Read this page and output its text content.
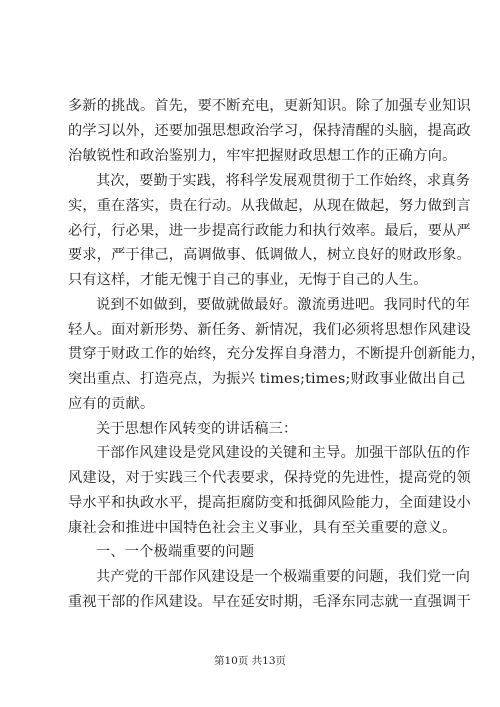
多新的挑战。首先，要不断充电，更新知识。除了加强专业知识
的学习以外，还要加强思想政治学习，保持清醒的头脑，提高政
治敏锐性和政治鉴别力，牢牢把握财政思想工作的正确方向。
其次，要勤于实践，将科学发展观贯彻于工作始终，求真务
实，重在落实，贵在行动。从我做起，从现在做起，努力做到言
必行，行必果，进一步提高行政能力和执行效率。最后，要从严
要求，严于律己，高调做事、低调做人，树立良好的财政形象。
只有这样，才能无愧于自己的事业，无悔于自己的人生。
说到不如做到，要做就做最好。激流勇进吧。我同时代的年
轻人。面对新形势、新任务、新情况，我们必须将思想作风建设
贯穿于财政工作的始终，充分发挥自身潜力，不断提升创新能力，
突出重点、打造亮点，为振兴 times;times;财政事业做出自己
应有的贡献。
关于思想作风转变的讲话稿三：
干部作风建设是党风建设的关键和主导。加强干部队伍的作
风建设，对于实践三个代表要求，保持党的先进性，提高党的领
导水平和执政水平，提高拒腐防变和抵御风险能力，全面建设小
康社会和推进中国特色社会主义事业，具有至关重要的意义。
一、一个极端重要的问题
共产党的干部作风建设是一个极端重要的问题，我们党一向
重视干部的作风建设。早在延安时期，毛泽东同志就一直强调干
第10页 共13页
